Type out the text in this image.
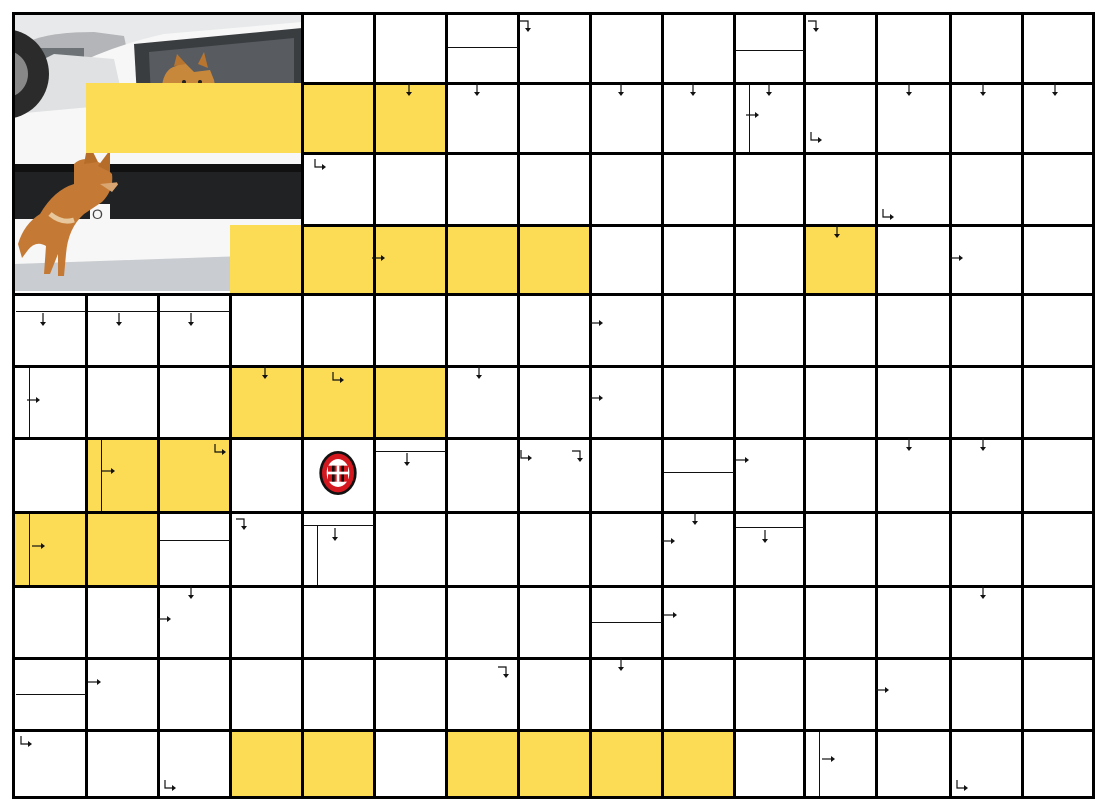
O
